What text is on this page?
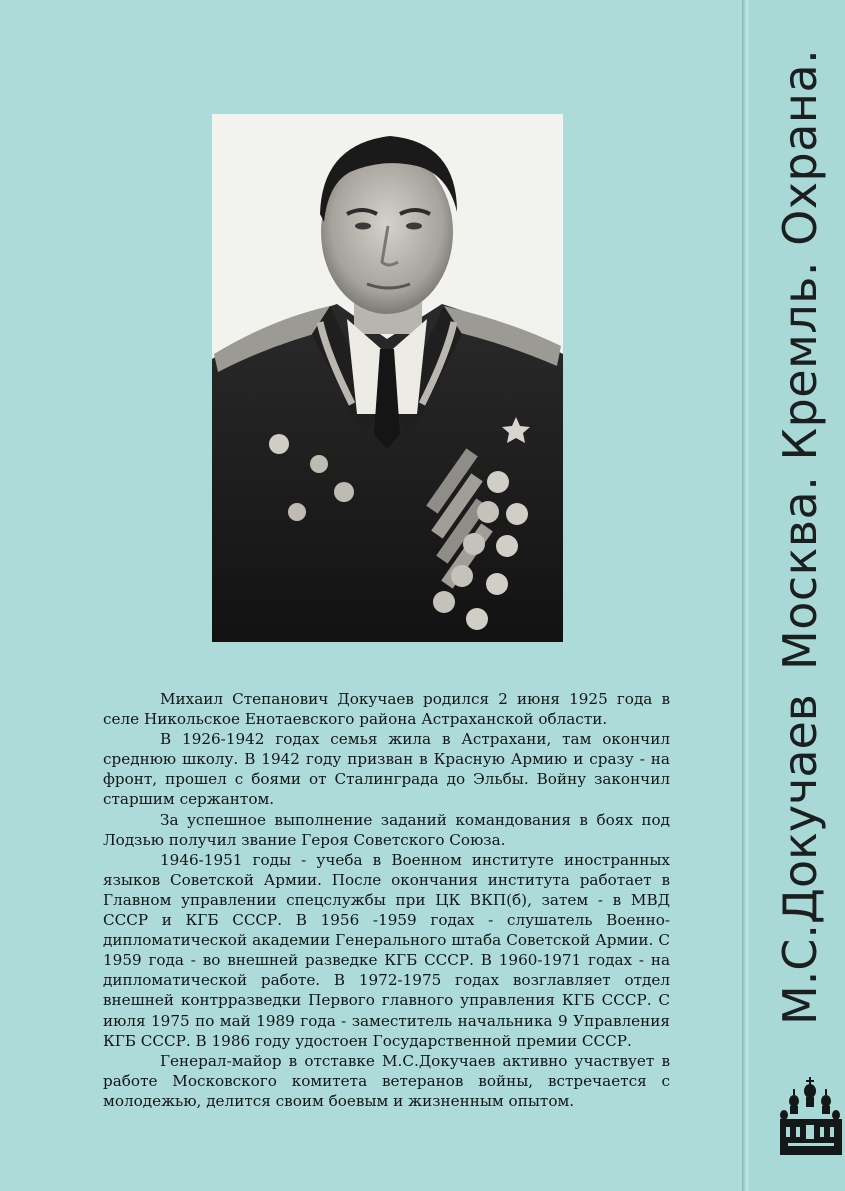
Москва. Кремль. Охрана.
М.С.Докучаев

Михаил Степанович Докучаев родился 2 июня 1925 года в селе Никольское Енотаевского района Астраханской области.

В 1926-1942 годах семья жила в Астрахани, там окончил среднюю школу. В 1942 году призван в Красную Армию и сразу - на фронт, прошел с боями от Сталинграда до Эльбы. Войну закончил старшим сержантом.

За успешное выполнение заданий командования в боях под Лодзью получил звание Героя Советского Союза.

1946-1951 годы - учеба в Военном институте иностранных языков Советской Армии. После окончания института работает в Главном управлении спецслужбы при ЦК ВКП(б), затем - в МВД СССР и КГБ СССР. В 1956 -1959 годах - слушатель Военно-дипломатической академии Генерального штаба Советской Армии. С 1959 года - во внешней разведке КГБ СССР. В 1960-1971 годах - на дипломатической работе. В 1972-1975 годах возглавляет отдел внешней контрразведки Первого главного управления КГБ СССР. С июля 1975 по май 1989 года - заместитель начальника 9 Управления КГБ СССР. В 1986 году удостоен Государственной премии СССР.

Генерал-майор в отставке М.С.Докучаев активно участвует в работе Московского комитета ветеранов войны, встречается с молодежью, делится своим боевым и жизненным опытом.
